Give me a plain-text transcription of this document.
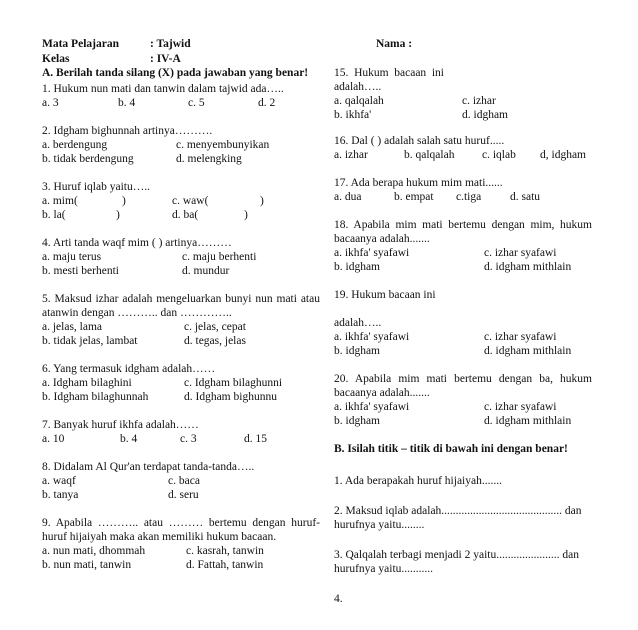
Mata Pelajaran	: Tajwid
Kelas	: IV-A
Nama :
A. Berilah tanda silang (X) pada jawaban yang benar!
1. Hukum nun mati dan tanwin dalam tajwid ada…..
a. 3	b. 4	c. 5	d. 2
2. Idgham bighunnah artinya……….
a. berdengung	c. menyembunyikan
b. tidak berdengung	d. melengking
3. Huruf iqlab yaitu…..
a. mim(	)	c. waw(	)
b. la(	)	d. ba(	)
4. Arti tanda waqf mim ( ) artinya………
a. maju terus	c. maju berhenti
b. mesti berhenti	d. mundur
5. Maksud izhar adalah mengeluarkan bunyi nun mati atau atanwin dengan ……….. dan …………..
a. jelas, lama	c. jelas, cepat
b. tidak jelas, lambat	d. tegas, jelas
6. Yang termasuk idgham adalah……
a. Idgham bilaghini	c. Idgham bilaghunni
b. Idgham bilaghunnah	d. Idgham bighunnu
7. Banyak huruf ikhfa adalah……
a. 10	b. 4	c. 3	d. 15
8. Didalam Al Qur'an terdapat tanda-tanda…..
a. waqf	c. baca
b. tanya	d. seru
9. Apabila ……….. atau ……… bertemu dengan huruf-huruf hijaiyah maka akan memiliki hukum bacaan.
a. nun mati, dhommah	c. kasrah, tanwin
b. nun mati, tanwin	d. Fattah, tanwin
15. Hukum bacaan ini adalah…..
a. qalqalah	c. izhar
b. ikhfa'	d. idgham
16. Dal ( ) adalah salah satu huruf.....
a. izhar	b. qalqalah c. iqlab d, idgham
17. Ada berapa hukum mim mati......
a. dua	b. empat c.tiga	d. satu
18. Apabila mim mati bertemu dengan mim, hukum bacaanya adalah.......
a. ikhfa' syafawi	c. izhar syafawi
b. idgham	d. idgham mithlain
19. Hukum bacaan ini
adalah…..
a. ikhfa' syafawi	c. izhar syafawi
b. idgham	d. idgham mithlain
20. Apabila mim mati bertemu dengan ba, hukum bacaanya adalah.......
a. ikhfa' syafawi	c. izhar syafawi
b. idgham	d. idgham mithlain
B. Isilah titik – titik di bawah ini dengan benar!
1. Ada berapakah huruf hijaiyah.......
2. Maksud iqlab adalah.......................................... dan hurufnya yaitu........
3. Qalqalah terbagi menjadi 2 yaitu...................... dan hurufnya yaitu...........
4.
